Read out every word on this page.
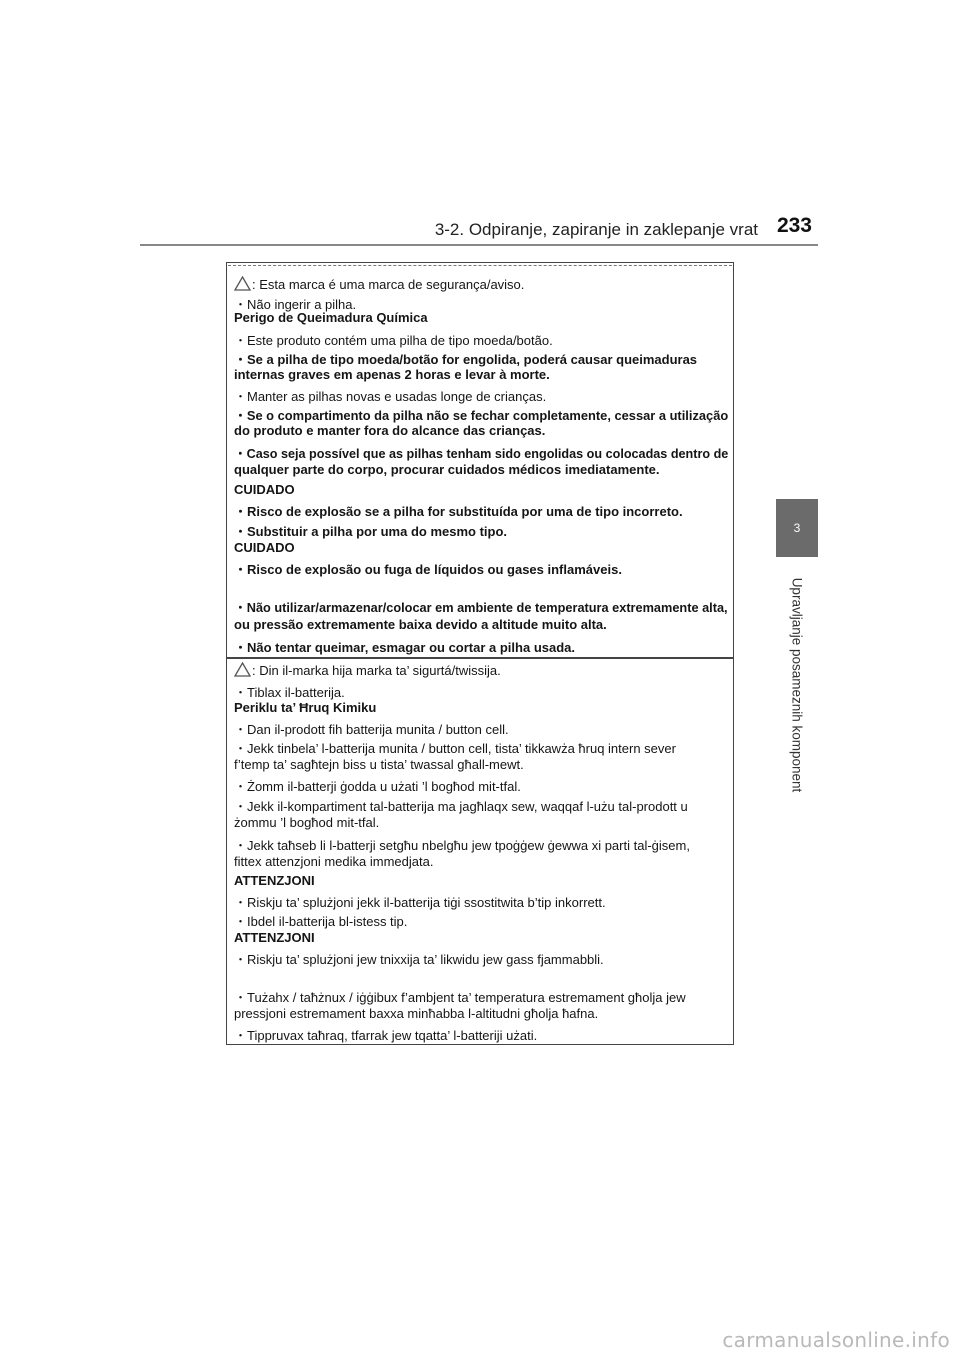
3-2. Odpiranje, zapiranje in zaklepanje vrat 233
3
Upravljanje posameznih komponent
: Esta marca é uma marca de segurança/aviso.
・Não ingerir a pilha.
Perigo de Queimadura Química
・Este produto contém uma pilha de tipo moeda/botão.
・Se a pilha de tipo moeda/botão for engolida, poderá causar queimaduras
internas graves em apenas 2 horas e levar à morte.
・Manter as pilhas novas e usadas longe de crianças.
・Se o compartimento da pilha não se fechar completamente, cessar a utilização
do produto e manter fora do alcance das crianças.
・Caso seja possível que as pilhas tenham sido engolidas ou colocadas dentro de
qualquer parte do corpo, procurar cuidados médicos imediatamente.
CUIDADO
・Risco de explosão se a pilha for substituída por uma de tipo incorreto.
・Substituir a pilha por uma do mesmo tipo.
CUIDADO
・Risco de explosão ou fuga de líquidos ou gases inflamáveis.
・Não utilizar/armazenar/colocar em ambiente de temperatura extremamente alta,
ou pressão extremamente baixa devido a altitude muito alta.
・Não tentar queimar, esmagar ou cortar a pilha usada.
: Din il-marka hija marka ta’ sigurtá/twissija.
・Tiblax il-batterija.
Periklu ta’ Ħruq Kimiku
・Dan il-prodott fih batterija munita / button cell.
・Jekk tinbela’ l-batterija munita / button cell, tista’ tikkawża ħruq intern sever
f’temp ta’ sagħtejn biss u tista’ twassal għall-mewt.
・Żomm il-batterji ġodda u użati ’l bogħod mit-tfal.
・Jekk il-kompartiment tal-batterija ma jagħlaqx sew, waqqaf l-użu tal-prodott u
żommu ’l bogħod mit-tfal.
・Jekk taħseb li l-batterji setgħu nbelgħu jew tpoġġew ġewwa xi parti tal-ġisem,
fittex attenzjoni medika immedjata.
ATTENZJONI
・Riskju ta’ splużjoni jekk il-batterija tiġi ssostitwita b’tip inkorrett.
・Ibdel il-batterija bl-istess tip.
ATTENZJONI
・Riskju ta’ splużjoni jew tnixxija ta’ likwidu jew gass fjammabbli.
・Tużahx / taħżnux / iġġibux f’ambjent ta’ temperatura estremament għolja jew
pressjoni estremament baxxa minħabba l-altitudni għolja ħafna.
・Tippruvax taħraq, tfarrak jew tqatta’ l-batteriji użati.
carmanualsonline.info
